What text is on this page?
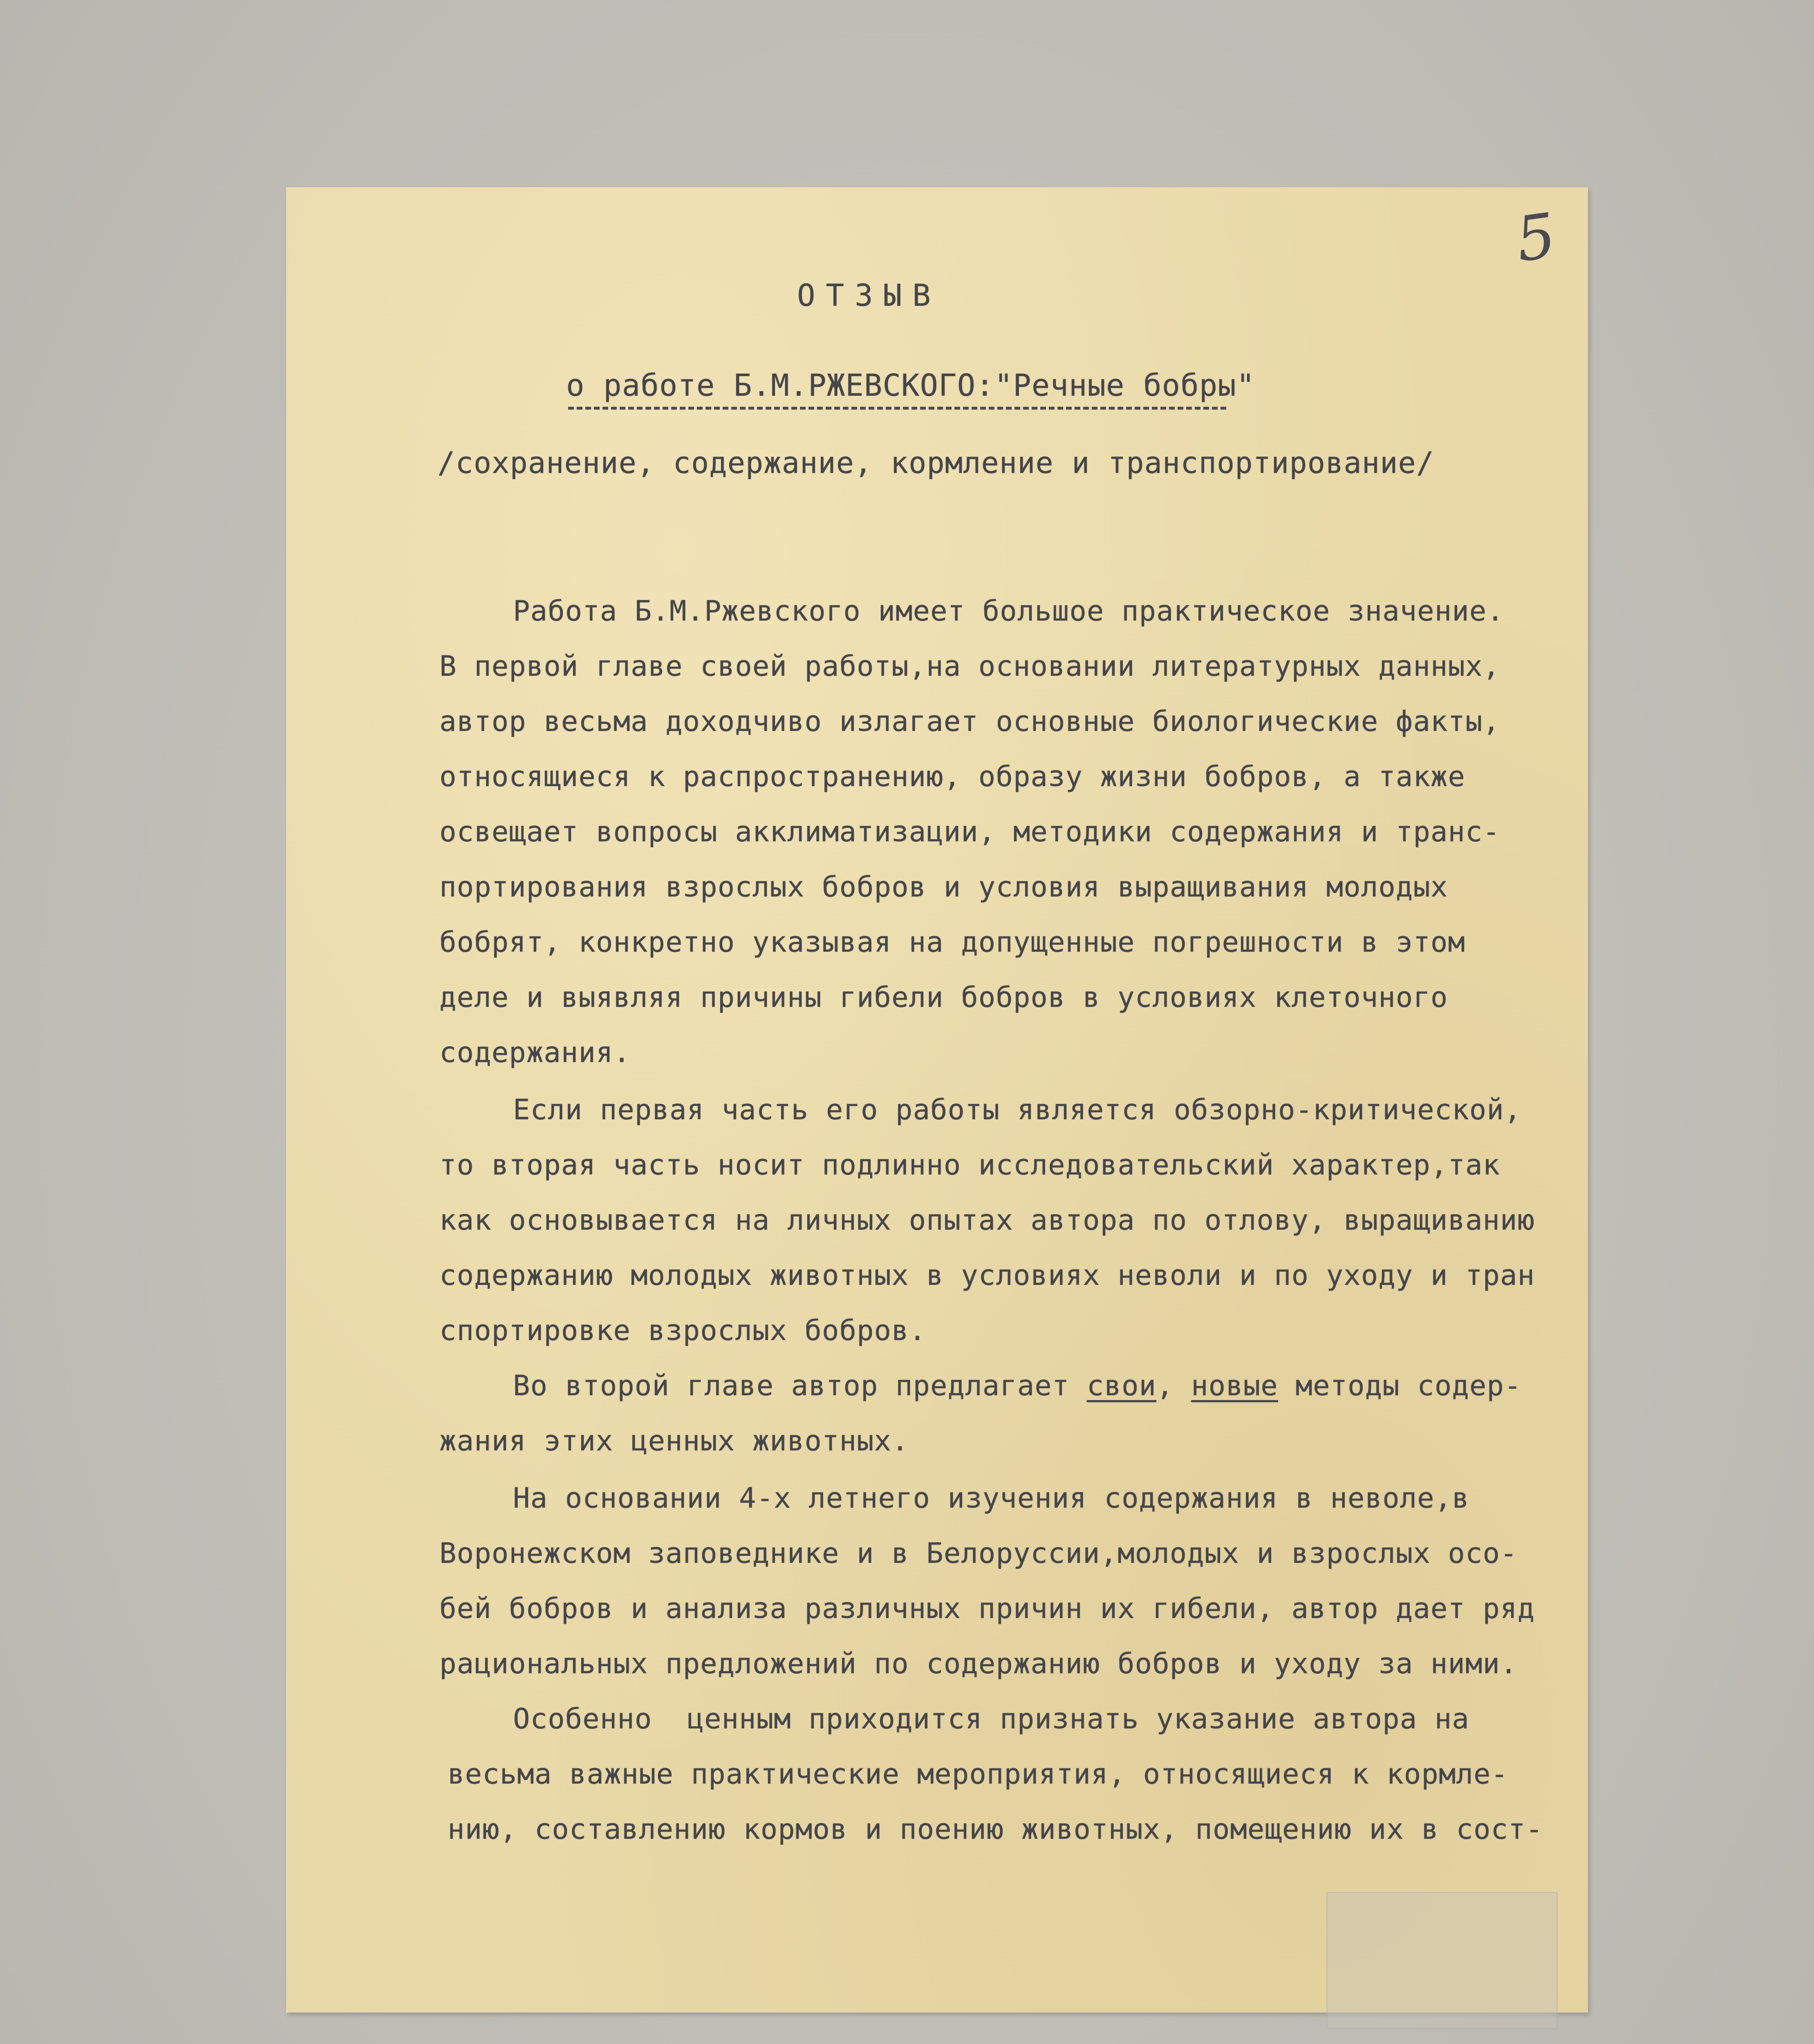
5
ОТЗЫВ
о работе Б.М.РЖЕВСКОГО:"Речные бобры"
/сохранение, содержание, кормление и транспортирование/
Работа Б.М.Ржевского имеет большое практическое значение.
В первой главе своей работы,на основании литературных данных,
автор весьма доходчиво излагает основные биологические факты,
относящиеся к распространению, образу жизни бобров, а также
освещает вопросы акклиматизации, методики содержания и транс-
портирования взрослых бобров и условия выращивания молодых
бобрят, конкретно указывая на допущенные погрешности в этом
деле и выявляя причины гибели бобров в условиях клеточного
содержания.
Если первая часть его работы является обзорно-критической,
то вторая часть носит подлинно исследовательский характер,так
как основывается на личных опытах автора по отлову, выращиванию
содержанию молодых животных в условиях неволи и по уходу и тран
спортировке взрослых бобров.
Во второй главе автор предлагает свои, новые методы содер-
жания этих ценных животных.
На основании 4-х летнего изучения содержания в неволе,в
Воронежском заповеднике и в Белоруссии,молодых и взрослых осо-
бей бобров и анализа различных причин их гибели, автор дает ряд
рациональных предложений по содержанию бобров и уходу за ними.
Особенно ценным приходится признать указание автора на
весьма важные практические мероприятия, относящиеся к кормле-
нию, составлению кормов и поению животных, помещению их в сост-
